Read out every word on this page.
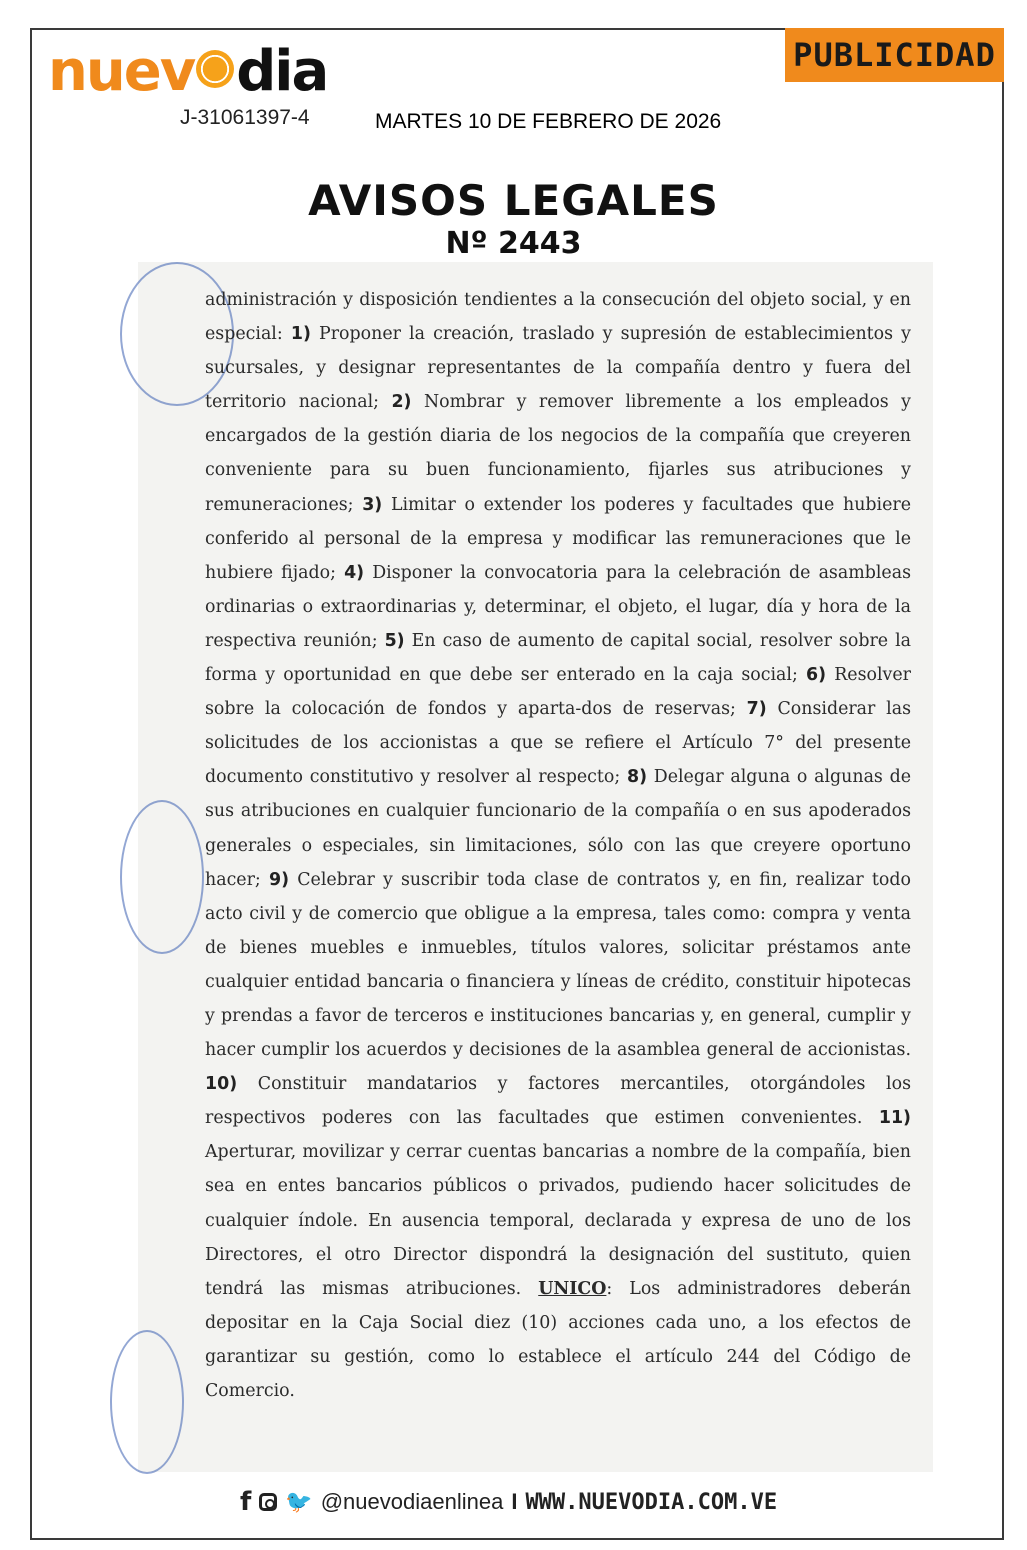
nuev dia
J-31061397-4	MARTES 10 DE FEBRERO DE 2026
PUBLICIDAD
AVISOS LEGALES
Nº 2443
administración y disposición tendientes a la consecución del objeto social, y en especial: 1) Proponer la creación, traslado y supresión de establecimientos y sucursales, y designar representantes de la compañía dentro y fuera del territorio nacional; 2) Nombrar y remover libremente a los empleados y encargados de la gestión diaria de los negocios de la compañía que creyeren conveniente para su buen funcionamiento, fijarles sus atribuciones y remuneraciones; 3) Limitar o extender los poderes y facultades que hubiere conferido al personal de la empresa y modificar las remuneraciones que le hubiere fijado; 4) Disponer la convocatoria para la celebración de asambleas ordinarias o extraordinarias y, determinar, el objeto, el lugar, día y hora de la respectiva reunión; 5) En caso de aumento de capital social, resolver sobre la forma y oportunidad en que debe ser enterado en la caja social; 6) Resolver sobre la colocación de fondos y aparta-dos de reservas; 7) Considerar las solicitudes de los accionistas a que se refiere el Artículo 7° del presente documento constitutivo y resolver al respecto; 8) Delegar alguna o algunas de sus atribuciones en cualquier funcionario de la compañía o en sus apoderados generales o especiales, sin limitaciones, sólo con las que creyere oportuno hacer; 9) Celebrar y suscribir toda clase de contratos y, en fin, realizar todo acto civil y de comercio que obligue a la empresa, tales como: compra y venta de bienes muebles e inmuebles, títulos valores, solicitar préstamos ante cualquier entidad bancaria o financiera y líneas de crédito, constituir hipotecas y prendas a favor de terceros e instituciones bancarias y, en general, cumplir y hacer cumplir los acuerdos y decisiones de la asamblea general de accionistas. 10) Constituir mandatarios y factores mercantiles, otorgándoles los respectivos poderes con las facultades que estimen convenientes. 11) Aperturar, movilizar y cerrar cuentas bancarias a nombre de la compañía, bien sea en entes bancarios públicos o privados, pudiendo hacer solicitudes de cualquier índole. En ausencia temporal, declarada y expresa de uno de los Directores, el otro Director dispondrá la designación del sustituto, quien tendrá las mismas atribuciones. UNICO: Los administradores deberán depositar en la Caja Social diez (10) acciones cada uno, a los efectos de garantizar su gestión, como lo establece el artículo 244 del Código de Comercio.
f 🐦 @nuevodiaenlinea I WWW.NUEVODIA.COM.VE
